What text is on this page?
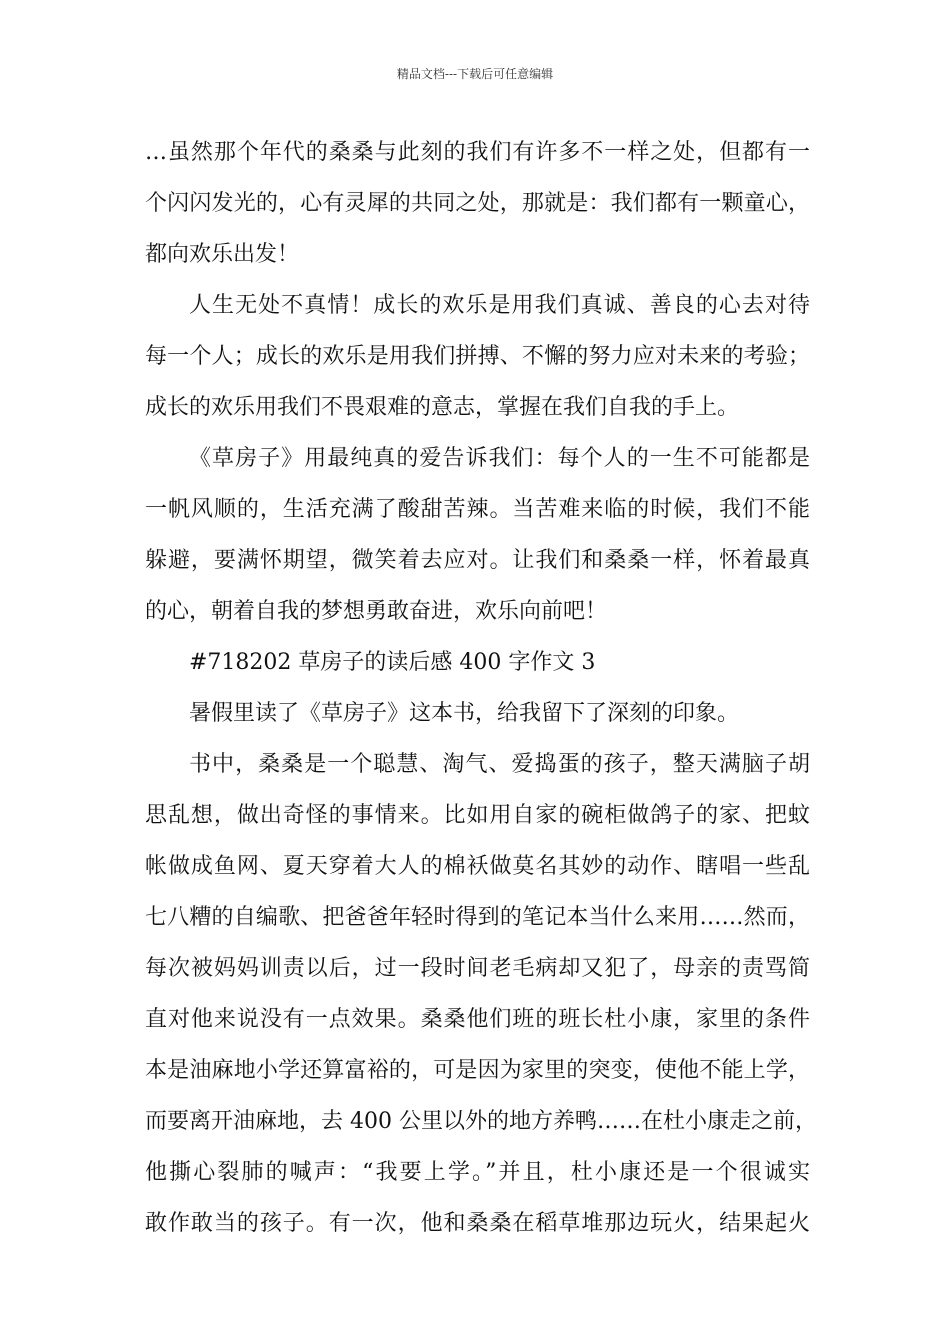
精品文档---下载后可任意编辑
…虽然那个年代的桑桑与此刻的我们有许多不一样之处，但都有一
个闪闪发光的，心有灵犀的共同之处，那就是：我们都有一颗童心，
都向欢乐出发！
人生无处不真情！成长的欢乐是用我们真诚、善良的心去对待
每一个人；成长的欢乐是用我们拼搏、不懈的努力应对未来的考验；
成长的欢乐用我们不畏艰难的意志，掌握在我们自我的手上。
《草房子》用最纯真的爱告诉我们：每个人的一生不可能都是
一帆风顺的，生活充满了酸甜苦辣。当苦难来临的时候，我们不能
躲避，要满怀期望，微笑着去应对。让我们和桑桑一样，怀着最真
的心，朝着自我的梦想勇敢奋进，欢乐向前吧！
#718202 草房子的读后感 400 字作文 3
暑假里读了《草房子》这本书，给我留下了深刻的印象。
书中，桑桑是一个聪慧、淘气、爱捣蛋的孩子，整天满脑子胡
思乱想，做出奇怪的事情来。比如用自家的碗柜做鸽子的家、把蚊
帐做成鱼网、夏天穿着大人的棉袄做莫名其妙的动作、瞎唱一些乱
七八糟的自编歌、把爸爸年轻时得到的笔记本当什么来用……然而，
每次被妈妈训责以后，过一段时间老毛病却又犯了，母亲的责骂简
直对他来说没有一点效果。桑桑他们班的班长杜小康，家里的条件
本是油麻地小学还算富裕的，可是因为家里的突变，使他不能上学，
而要离开油麻地，去 400 公里以外的地方养鸭……在杜小康走之前，
他撕心裂肺的喊声：“我要上学。”并且，杜小康还是一个很诚实
敢作敢当的孩子。有一次，他和桑桑在稻草堆那边玩火，结果起火
